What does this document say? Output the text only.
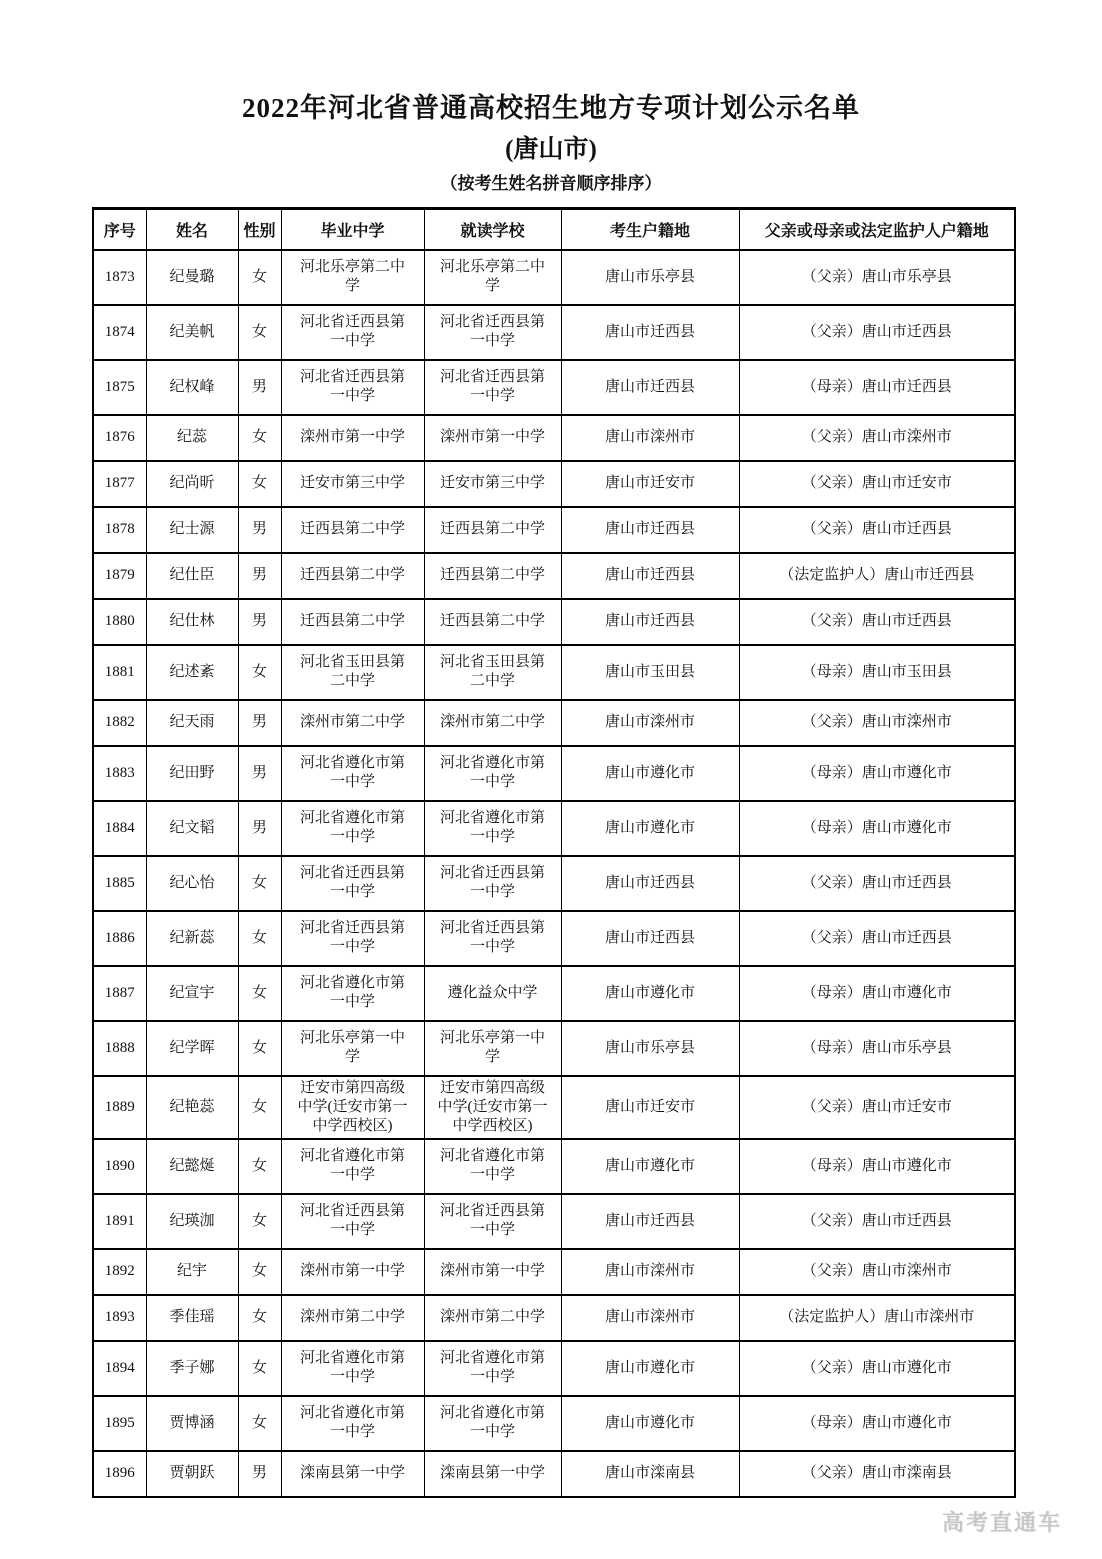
2022年河北省普通高校招生地方专项计划公示名单
(唐山市)
（按考生姓名拼音顺序排序）
序号	姓名	性别	毕业中学	就读学校	考生户籍地	父亲或母亲或法定监护人户籍地
1873	纪曼璐	女	河北乐亭第二中学	河北乐亭第二中学	唐山市乐亭县	（父亲）唐山市乐亭县
1874	纪美帆	女	河北省迁西县第一中学	河北省迁西县第一中学	唐山市迁西县	（父亲）唐山市迁西县
1875	纪权峰	男	河北省迁西县第一中学	河北省迁西县第一中学	唐山市迁西县	（母亲）唐山市迁西县
1876	纪蕊	女	滦州市第一中学	滦州市第一中学	唐山市滦州市	（父亲）唐山市滦州市
1877	纪尚昕	女	迁安市第三中学	迁安市第三中学	唐山市迁安市	（父亲）唐山市迁安市
1878	纪士源	男	迁西县第二中学	迁西县第二中学	唐山市迁西县	（父亲）唐山市迁西县
1879	纪仕臣	男	迁西县第二中学	迁西县第二中学	唐山市迁西县	（法定监护人）唐山市迁西县
1880	纪仕林	男	迁西县第二中学	迁西县第二中学	唐山市迁西县	（父亲）唐山市迁西县
1881	纪述紊	女	河北省玉田县第二中学	河北省玉田县第二中学	唐山市玉田县	（母亲）唐山市玉田县
1882	纪天雨	男	滦州市第二中学	滦州市第二中学	唐山市滦州市	（父亲）唐山市滦州市
1883	纪田野	男	河北省遵化市第一中学	河北省遵化市第一中学	唐山市遵化市	（母亲）唐山市遵化市
1884	纪文韬	男	河北省遵化市第一中学	河北省遵化市第一中学	唐山市遵化市	（母亲）唐山市遵化市
1885	纪心怡	女	河北省迁西县第一中学	河北省迁西县第一中学	唐山市迁西县	（父亲）唐山市迁西县
1886	纪新蕊	女	河北省迁西县第一中学	河北省迁西县第一中学	唐山市迁西县	（父亲）唐山市迁西县
1887	纪宣宇	女	河北省遵化市第一中学	遵化益众中学	唐山市遵化市	（母亲）唐山市遵化市
1888	纪学晖	女	河北乐亭第一中学	河北乐亭第一中学	唐山市乐亭县	（母亲）唐山市乐亭县
1889	纪艳蕊	女	迁安市第四高级中学(迁安市第一中学西校区)	迁安市第四高级中学(迁安市第一中学西校区)	唐山市迁安市	（父亲）唐山市迁安市
1890	纪懿烻	女	河北省遵化市第一中学	河北省遵化市第一中学	唐山市遵化市	（母亲）唐山市遵化市
1891	纪瑛泇	女	河北省迁西县第一中学	河北省迁西县第一中学	唐山市迁西县	（父亲）唐山市迁西县
1892	纪宇	女	滦州市第一中学	滦州市第一中学	唐山市滦州市	（父亲）唐山市滦州市
1893	季佳瑶	女	滦州市第二中学	滦州市第二中学	唐山市滦州市	（法定监护人）唐山市滦州市
1894	季子娜	女	河北省遵化市第一中学	河北省遵化市第一中学	唐山市遵化市	（父亲）唐山市遵化市
1895	贾博涵	女	河北省遵化市第一中学	河北省遵化市第一中学	唐山市遵化市	（母亲）唐山市遵化市
1896	贾朝跃	男	滦南县第一中学	滦南县第一中学	唐山市滦南县	（父亲）唐山市滦南县
高考直通车
